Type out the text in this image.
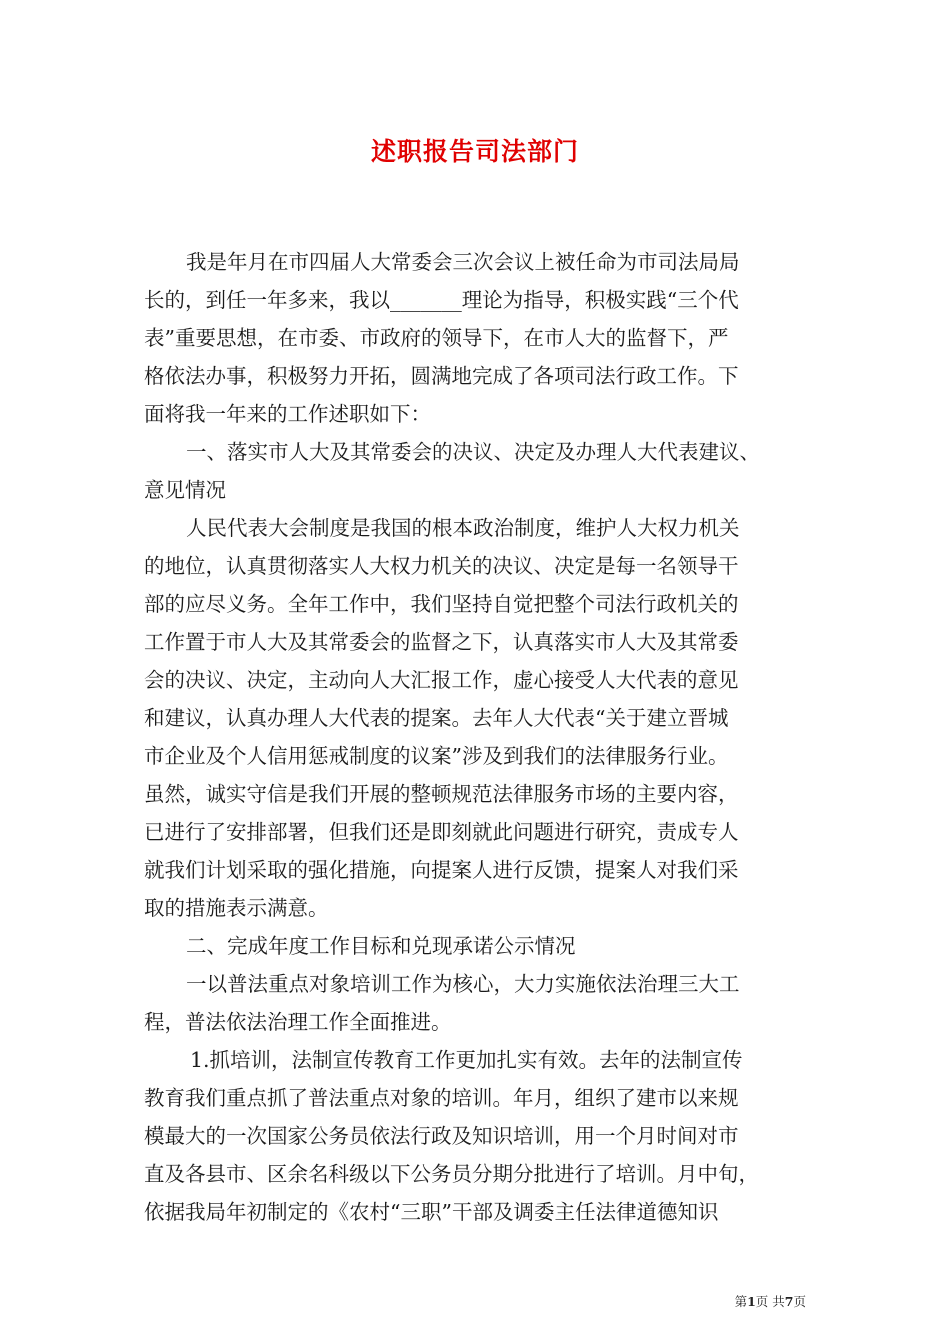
述职报告司法部门
我是年月在市四届人大常委会三次会议上被任命为市司法局局
长的，到任一年多来，我以_______理论为指导，积极实践“三个代
表”重要思想，在市委、市政府的领导下，在市人大的监督下，严
格依法办事，积极努力开拓，圆满地完成了各项司法行政工作。下
面将我一年来的工作述职如下：
一、落实市人大及其常委会的决议、决定及办理人大代表建议、
意见情况
人民代表大会制度是我国的根本政治制度，维护人大权力机关
的地位，认真贯彻落实人大权力机关的决议、决定是每一名领导干
部的应尽义务。全年工作中，我们坚持自觉把整个司法行政机关的
工作置于市人大及其常委会的监督之下，认真落实市人大及其常委
会的决议、决定，主动向人大汇报工作，虚心接受人大代表的意见
和建议，认真办理人大代表的提案。去年人大代表“关于建立晋城
市企业及个人信用惩戒制度的议案”涉及到我们的法律服务行业。
虽然，诚实守信是我们开展的整顿规范法律服务市场的主要内容，
已进行了安排部署，但我们还是即刻就此问题进行研究，责成专人
就我们计划采取的强化措施，向提案人进行反馈，提案人对我们采
取的措施表示满意。
二、完成年度工作目标和兑现承诺公示情况
一以普法重点对象培训工作为核心，大力实施依法治理三大工
程，普法依法治理工作全面推进。
1.抓培训，法制宣传教育工作更加扎实有效。去年的法制宣传
教育我们重点抓了普法重点对象的培训。年月，组织了建市以来规
模最大的一次国家公务员依法行政及知识培训，用一个月时间对市
直及各县市、区余名科级以下公务员分期分批进行了培训。月中旬，
依据我局年初制定的《农村“三职”干部及调委主任法律道德知识
第1页 共7页
